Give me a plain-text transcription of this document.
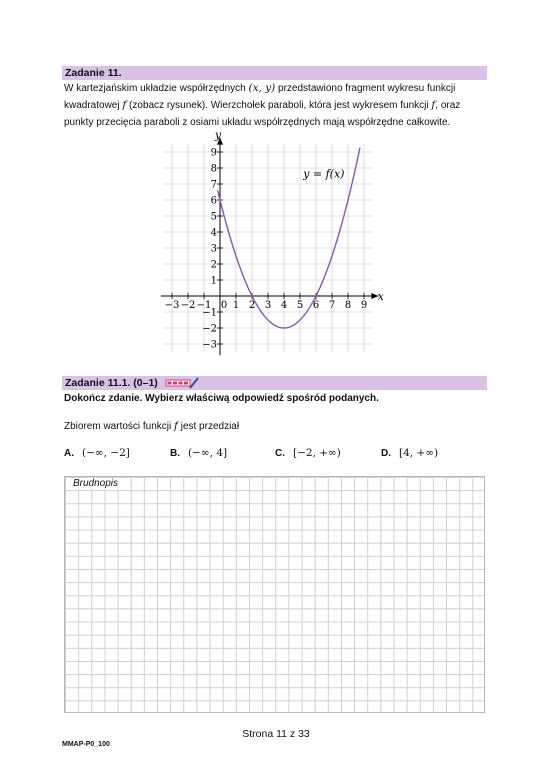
Zadanie 11.
W kartezjańskim układzie współrzędnych (x, y) przedstawiono fragment wykresu funkcji
kwadratowej f (zobacz rysunek). Wierzchołek paraboli, która jest wykresem funkcji f, oraz
punkty przecięcia paraboli z osiami układu współrzędnych mają współrzędne całkowite.
−3 −2 −1 0 1 2 3 4 5 6 7 8 9
−3
−2
−1
1
2
3
4
5
6
7
8
9
y = f(x)
x
y
Zadanie 11.1. (0–1)
Dokończ zdanie. Wybierz właściwą odpowiedź spośród podanych.
Zbiorem wartości funkcji f jest przedział
A. (−∞, −2]	B. (−∞, 4]	C. [−2, +∞)	D. [4, +∞)
Brudnopis
Strona 11 z 33
MMAP-P0_100
